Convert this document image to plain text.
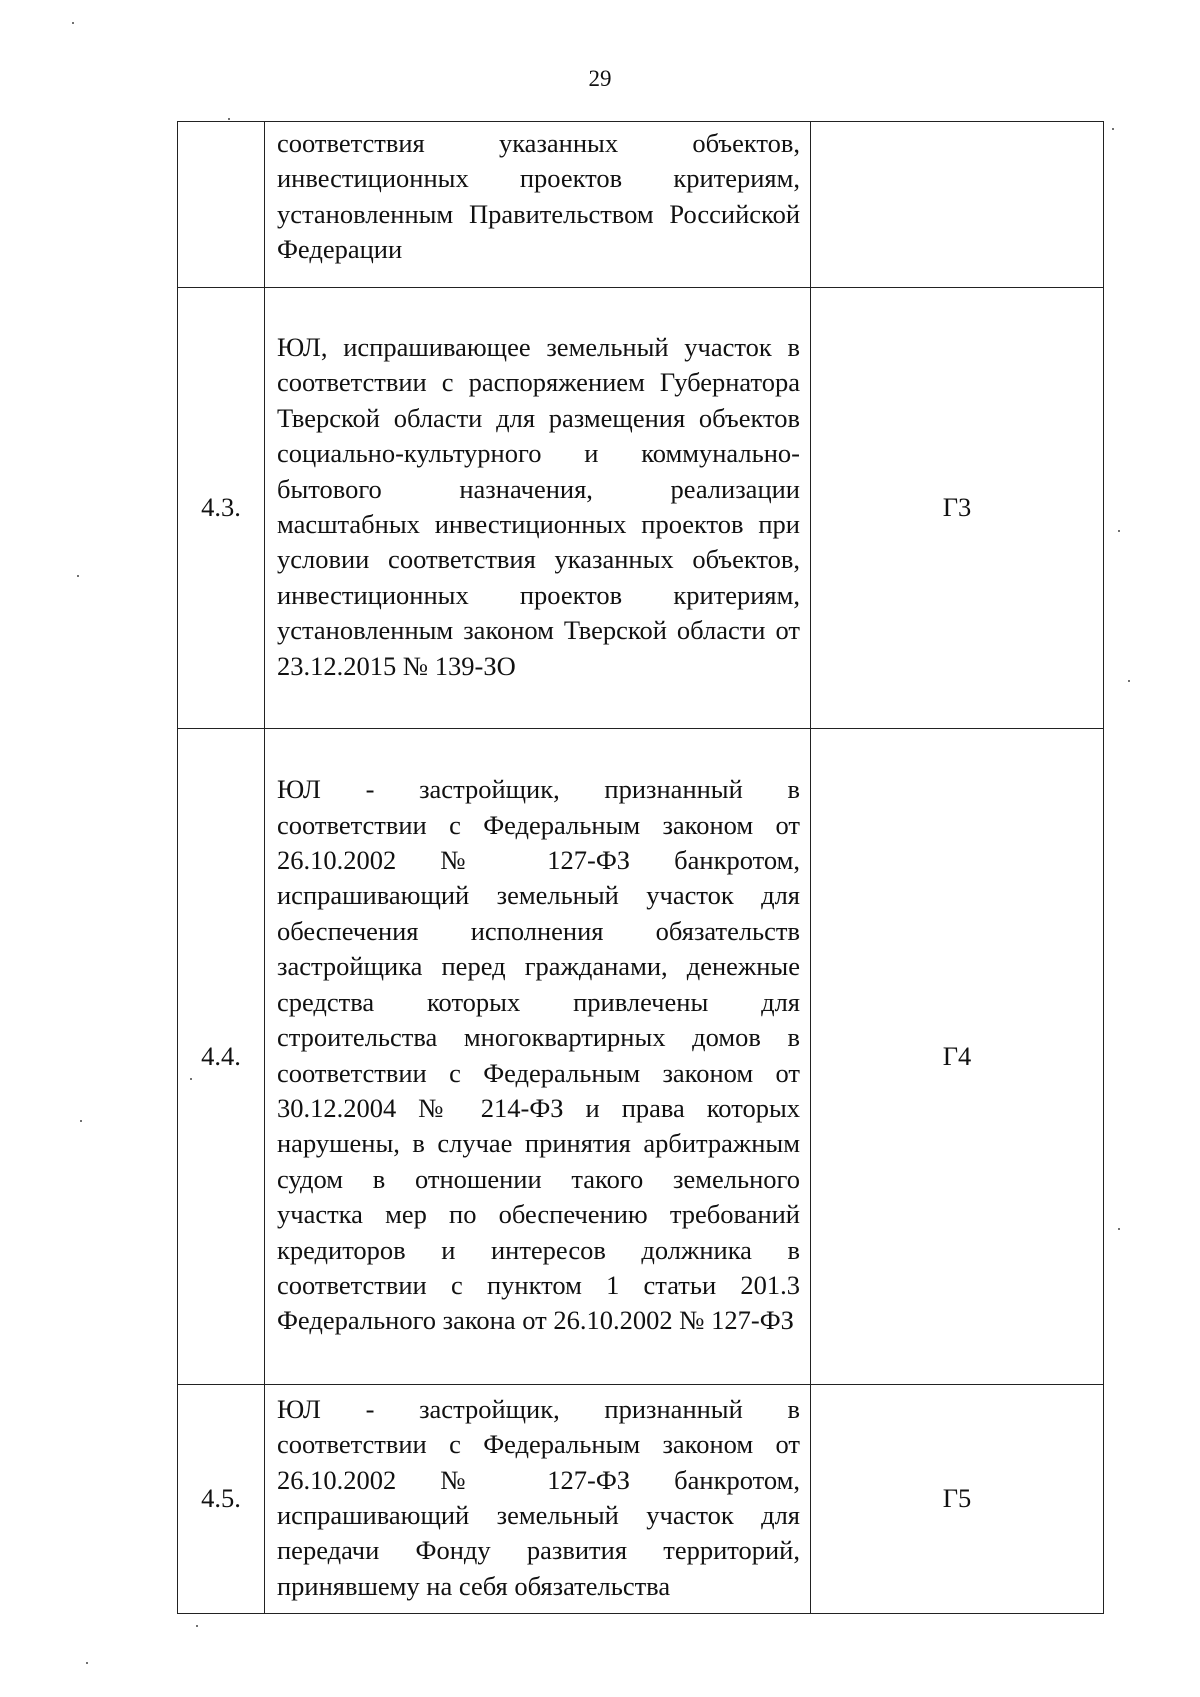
29
	соответствия указанных объектов, инвестиционных проектов критериям, установленным Правительством Российской Федерации	
4.3.	ЮЛ, испрашивающее земельный участок в соответствии с распоряжением Губернатора Тверской области для размещения объектов социально-культурного и коммунально-бытового назначения, реализации масштабных инвестиционных проектов при условии соответствия указанных объектов, инвестиционных проектов критериям, установленным законом Тверской области от 23.12.2015 № 139-ЗО	Г3
4.4.	ЮЛ - застройщик, признанный в соответствии с Федеральным законом от 26.10.2002 № 127-ФЗ банкротом, испрашивающий земельный участок для обеспечения исполнения обязательств застройщика перед гражданами, денежные средства которых привлечены для строительства многоквартирных домов в соответствии с Федеральным законом от 30.12.2004 № 214-ФЗ и права которых нарушены, в случае принятия арбитражным судом в отношении такого земельного участка мер по обеспечению требований кредиторов и интересов должника в соответствии с пунктом 1 статьи 201.3 Федерального закона от 26.10.2002 № 127-ФЗ	Г4
4.5.	ЮЛ - застройщик, признанный в соответствии с Федеральным законом от 26.10.2002 № 127-ФЗ банкротом, испрашивающий земельный участок для передачи Фонду развития территорий, принявшему на себя обязательства	Г5
